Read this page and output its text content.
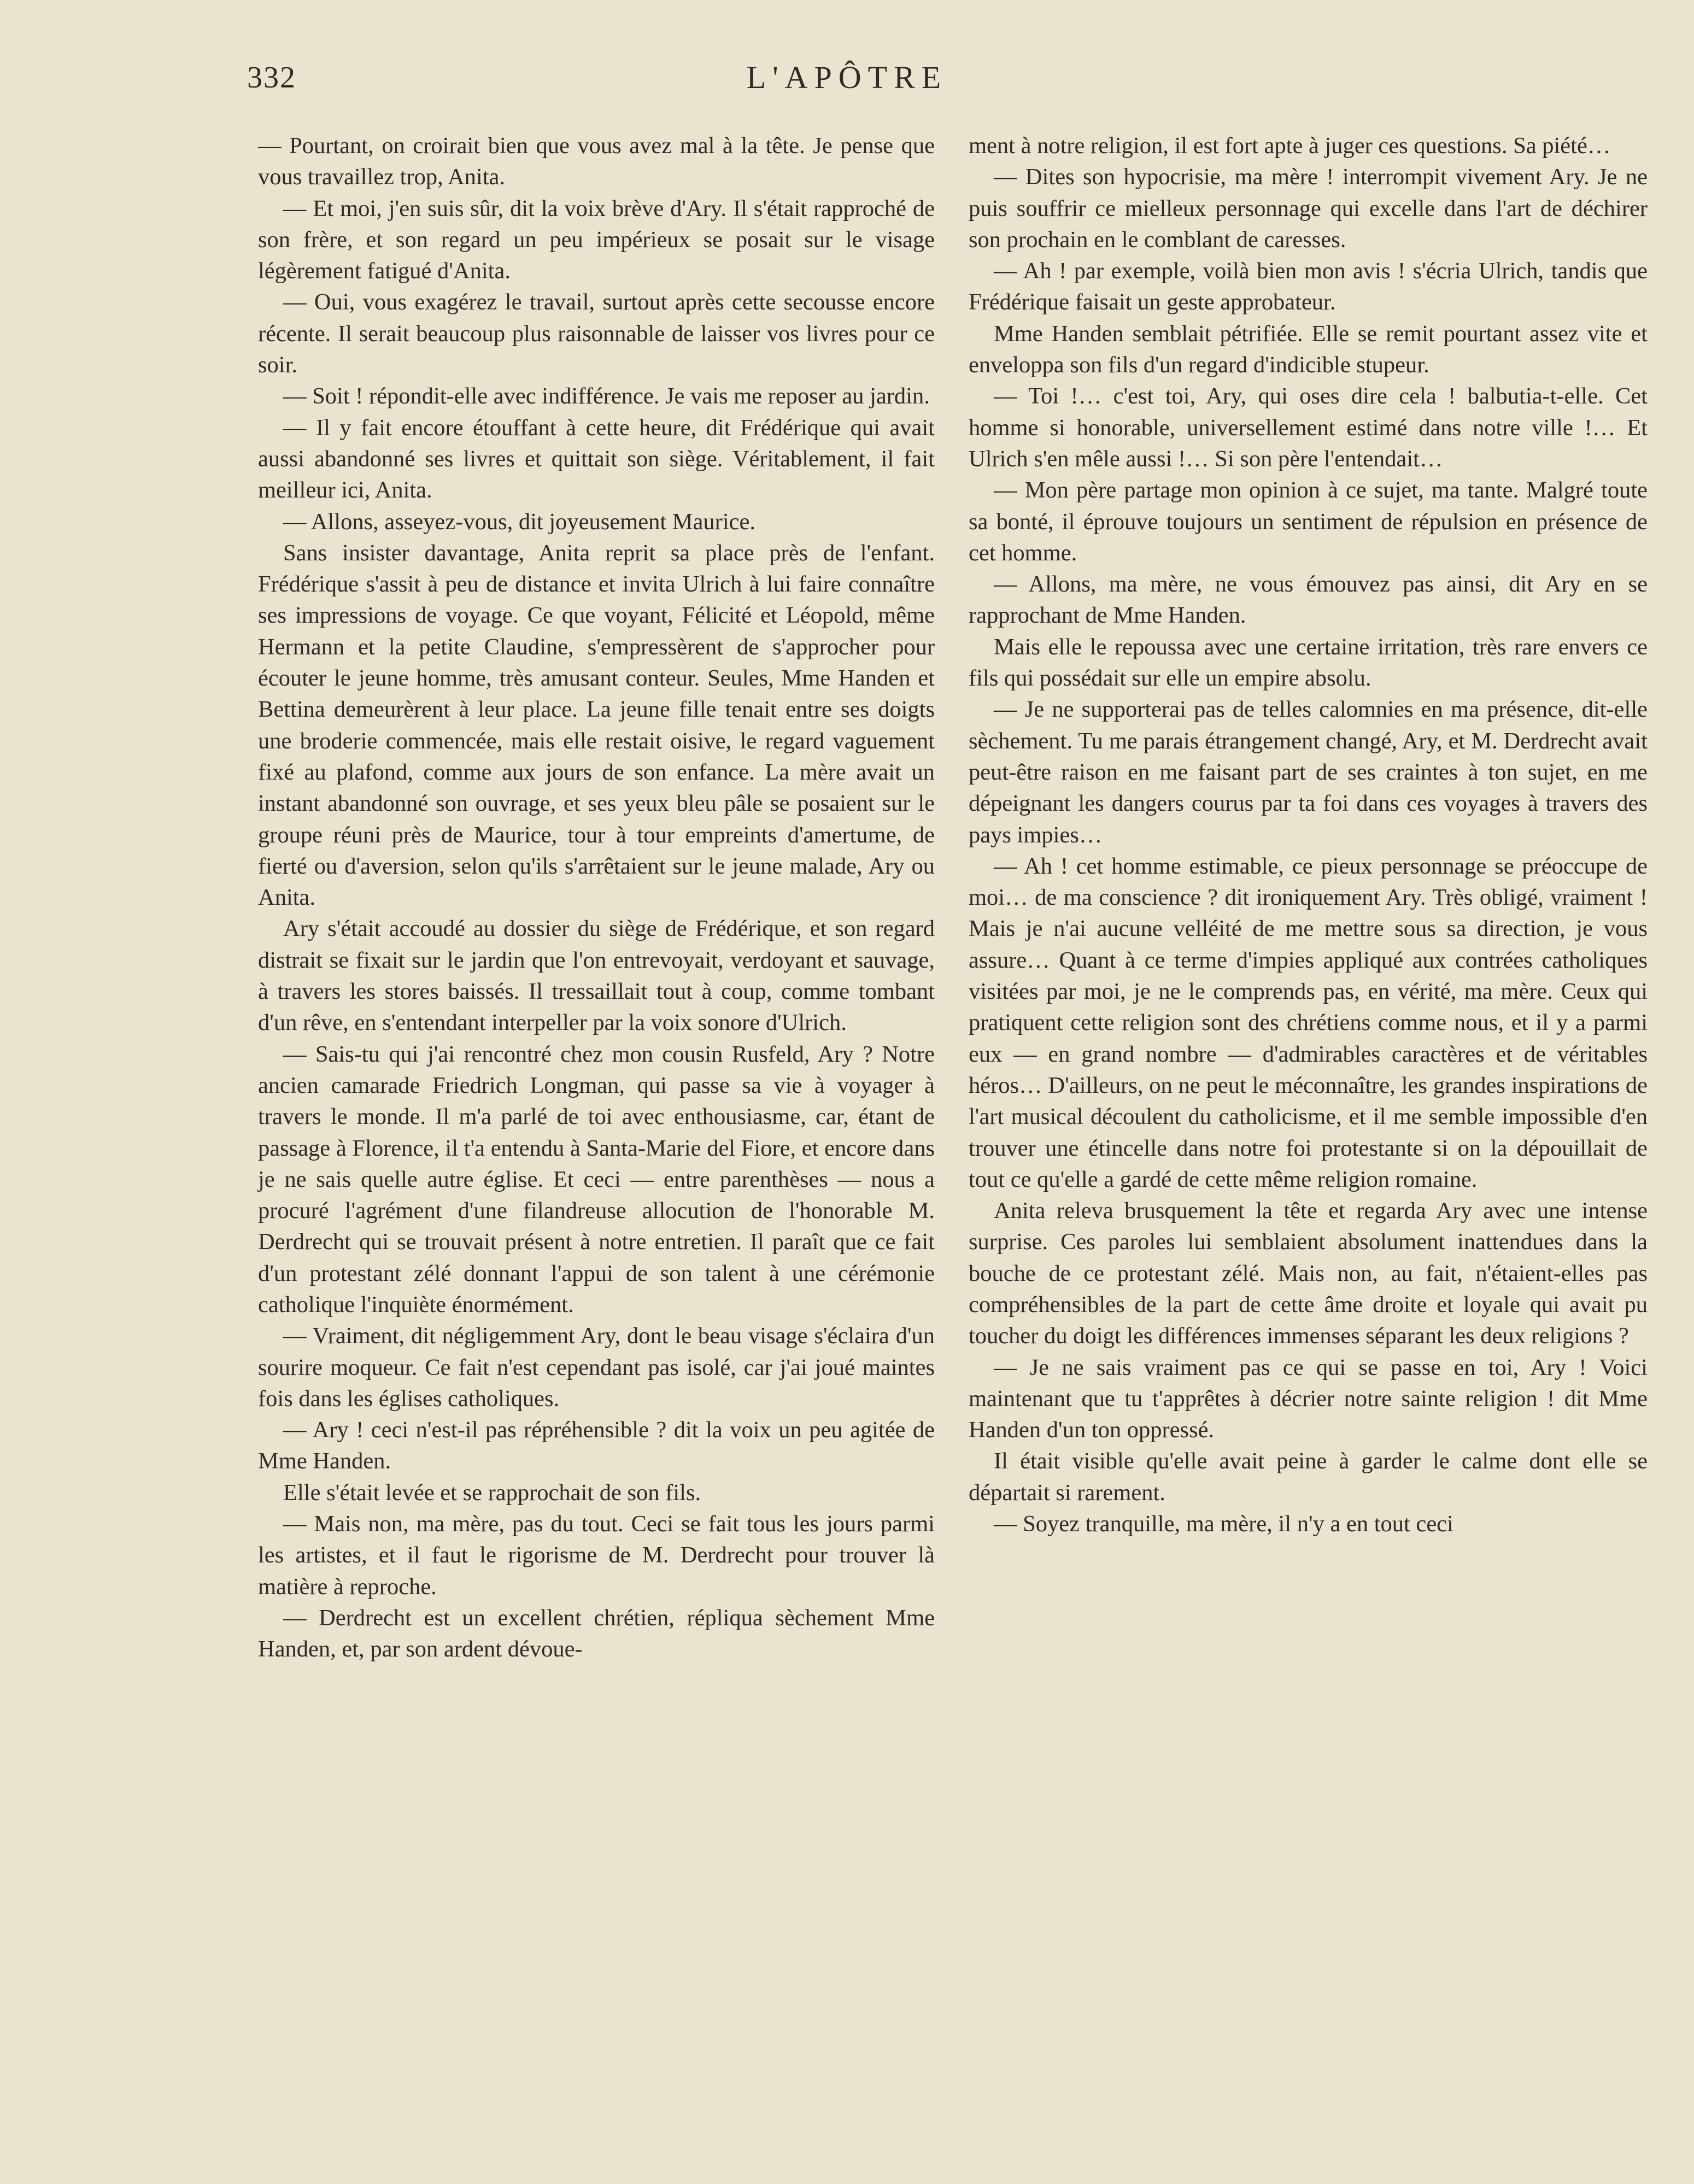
332	L'APÔTRE

— Pourtant, on croirait bien que vous avez mal à la tête. Je pense que vous travaillez trop, Anita.

— Et moi, j'en suis sûr, dit la voix brève d'Ary. Il s'était rapproché de son frère, et son regard un peu impérieux se posait sur le visage légèrement fatigué d'Anita.

— Oui, vous exagérez le travail, surtout après cette secousse encore récente. Il serait beaucoup plus raisonnable de laisser vos livres pour ce soir.

— Soit ! répondit-elle avec indifférence. Je vais me reposer au jardin.

— Il y fait encore étouffant à cette heure, dit Frédérique qui avait aussi abandonné ses livres et quittait son siège. Véritablement, il fait meilleur ici, Anita.

— Allons, asseyez-vous, dit joyeusement Maurice.

Sans insister davantage, Anita reprit sa place près de l'enfant. Frédérique s'assit à peu de distance et invita Ulrich à lui faire connaître ses impressions de voyage. Ce que voyant, Félicité et Léopold, même Hermann et la petite Claudine, s'empressèrent de s'approcher pour écouter le jeune homme, très amusant conteur. Seules, Mme Handen et Bettina demeurèrent à leur place. La jeune fille tenait entre ses doigts une broderie commencée, mais elle restait oisive, le regard vaguement fixé au plafond, comme aux jours de son enfance. La mère avait un instant abandonné son ouvrage, et ses yeux bleu pâle se posaient sur le groupe réuni près de Maurice, tour à tour empreints d'amertume, de fierté ou d'aversion, selon qu'ils s'arrêtaient sur le jeune malade, Ary ou Anita.

Ary s'était accoudé au dossier du siège de Frédérique, et son regard distrait se fixait sur le jardin que l'on entrevoyait, verdoyant et sauvage, à travers les stores baissés. Il tressaillait tout à coup, comme tombant d'un rêve, en s'entendant interpeller par la voix sonore d'Ulrich.

— Sais-tu qui j'ai rencontré chez mon cousin Rusfeld, Ary ? Notre ancien camarade Friedrich Longman, qui passe sa vie à voyager à travers le monde. Il m'a parlé de toi avec enthousiasme, car, étant de passage à Florence, il t'a entendu à Santa-Marie del Fiore, et encore dans je ne sais quelle autre église. Et ceci — entre parenthèses — nous a procuré l'agrément d'une filandreuse allocution de l'honorable M. Derdrecht qui se trouvait présent à notre entretien. Il paraît que ce fait d'un protestant zélé donnant l'appui de son talent à une cérémonie catholique l'inquiète énormément.

— Vraiment, dit négligemment Ary, dont le beau visage s'éclaira d'un sourire moqueur. Ce fait n'est cependant pas isolé, car j'ai joué maintes fois dans les églises catholiques.

— Ary ! ceci n'est-il pas répréhensible ? dit la voix un peu agitée de Mme Handen.

Elle s'était levée et se rapprochait de son fils.

— Mais non, ma mère, pas du tout. Ceci se fait tous les jours parmi les artistes, et il faut le rigorisme de M. Derdrecht pour trouver là matière à reproche.

— Derdrecht est un excellent chrétien, répliqua sèchement Mme Handen, et, par son ardent dévoue-

ment à notre religion, il est fort apte à juger ces questions. Sa piété…

— Dites son hypocrisie, ma mère ! interrompit vivement Ary. Je ne puis souffrir ce mielleux personnage qui excelle dans l'art de déchirer son prochain en le comblant de caresses.

— Ah ! par exemple, voilà bien mon avis ! s'écria Ulrich, tandis que Frédérique faisait un geste approbateur.

Mme Handen semblait pétrifiée. Elle se remit pourtant assez vite et enveloppa son fils d'un regard d'indicible stupeur.

— Toi !… c'est toi, Ary, qui oses dire cela ! balbutia-t-elle. Cet homme si honorable, universellement estimé dans notre ville !… Et Ulrich s'en mêle aussi !… Si son père l'entendait…

— Mon père partage mon opinion à ce sujet, ma tante. Malgré toute sa bonté, il éprouve toujours un sentiment de répulsion en présence de cet homme.

— Allons, ma mère, ne vous émouvez pas ainsi, dit Ary en se rapprochant de Mme Handen.

Mais elle le repoussa avec une certaine irritation, très rare envers ce fils qui possédait sur elle un empire absolu.

— Je ne supporterai pas de telles calomnies en ma présence, dit-elle sèchement. Tu me parais étrangement changé, Ary, et M. Derdrecht avait peut-être raison en me faisant part de ses craintes à ton sujet, en me dépeignant les dangers courus par ta foi dans ces voyages à travers des pays impies…

— Ah ! cet homme estimable, ce pieux personnage se préoccupe de moi… de ma conscience ? dit ironiquement Ary. Très obligé, vraiment ! Mais je n'ai aucune velléité de me mettre sous sa direction, je vous assure… Quant à ce terme d'impies appliqué aux contrées catholiques visitées par moi, je ne le comprends pas, en vérité, ma mère. Ceux qui pratiquent cette religion sont des chrétiens comme nous, et il y a parmi eux — en grand nombre — d'admirables caractères et de véritables héros… D'ailleurs, on ne peut le méconnaître, les grandes inspirations de l'art musical découlent du catholicisme, et il me semble impossible d'en trouver une étincelle dans notre foi protestante si on la dépouillait de tout ce qu'elle a gardé de cette même religion romaine.

Anita releva brusquement la tête et regarda Ary avec une intense surprise. Ces paroles lui semblaient absolument inattendues dans la bouche de ce protestant zélé. Mais non, au fait, n'étaient-elles pas compréhensibles de la part de cette âme droite et loyale qui avait pu toucher du doigt les différences immenses séparant les deux religions ?

— Je ne sais vraiment pas ce qui se passe en toi, Ary ! Voici maintenant que tu t'apprêtes à décrier notre sainte religion ! dit Mme Handen d'un ton oppressé.

Il était visible qu'elle avait peine à garder le calme dont elle se départait si rarement.

— Soyez tranquille, ma mère, il n'y a en tout ceci
